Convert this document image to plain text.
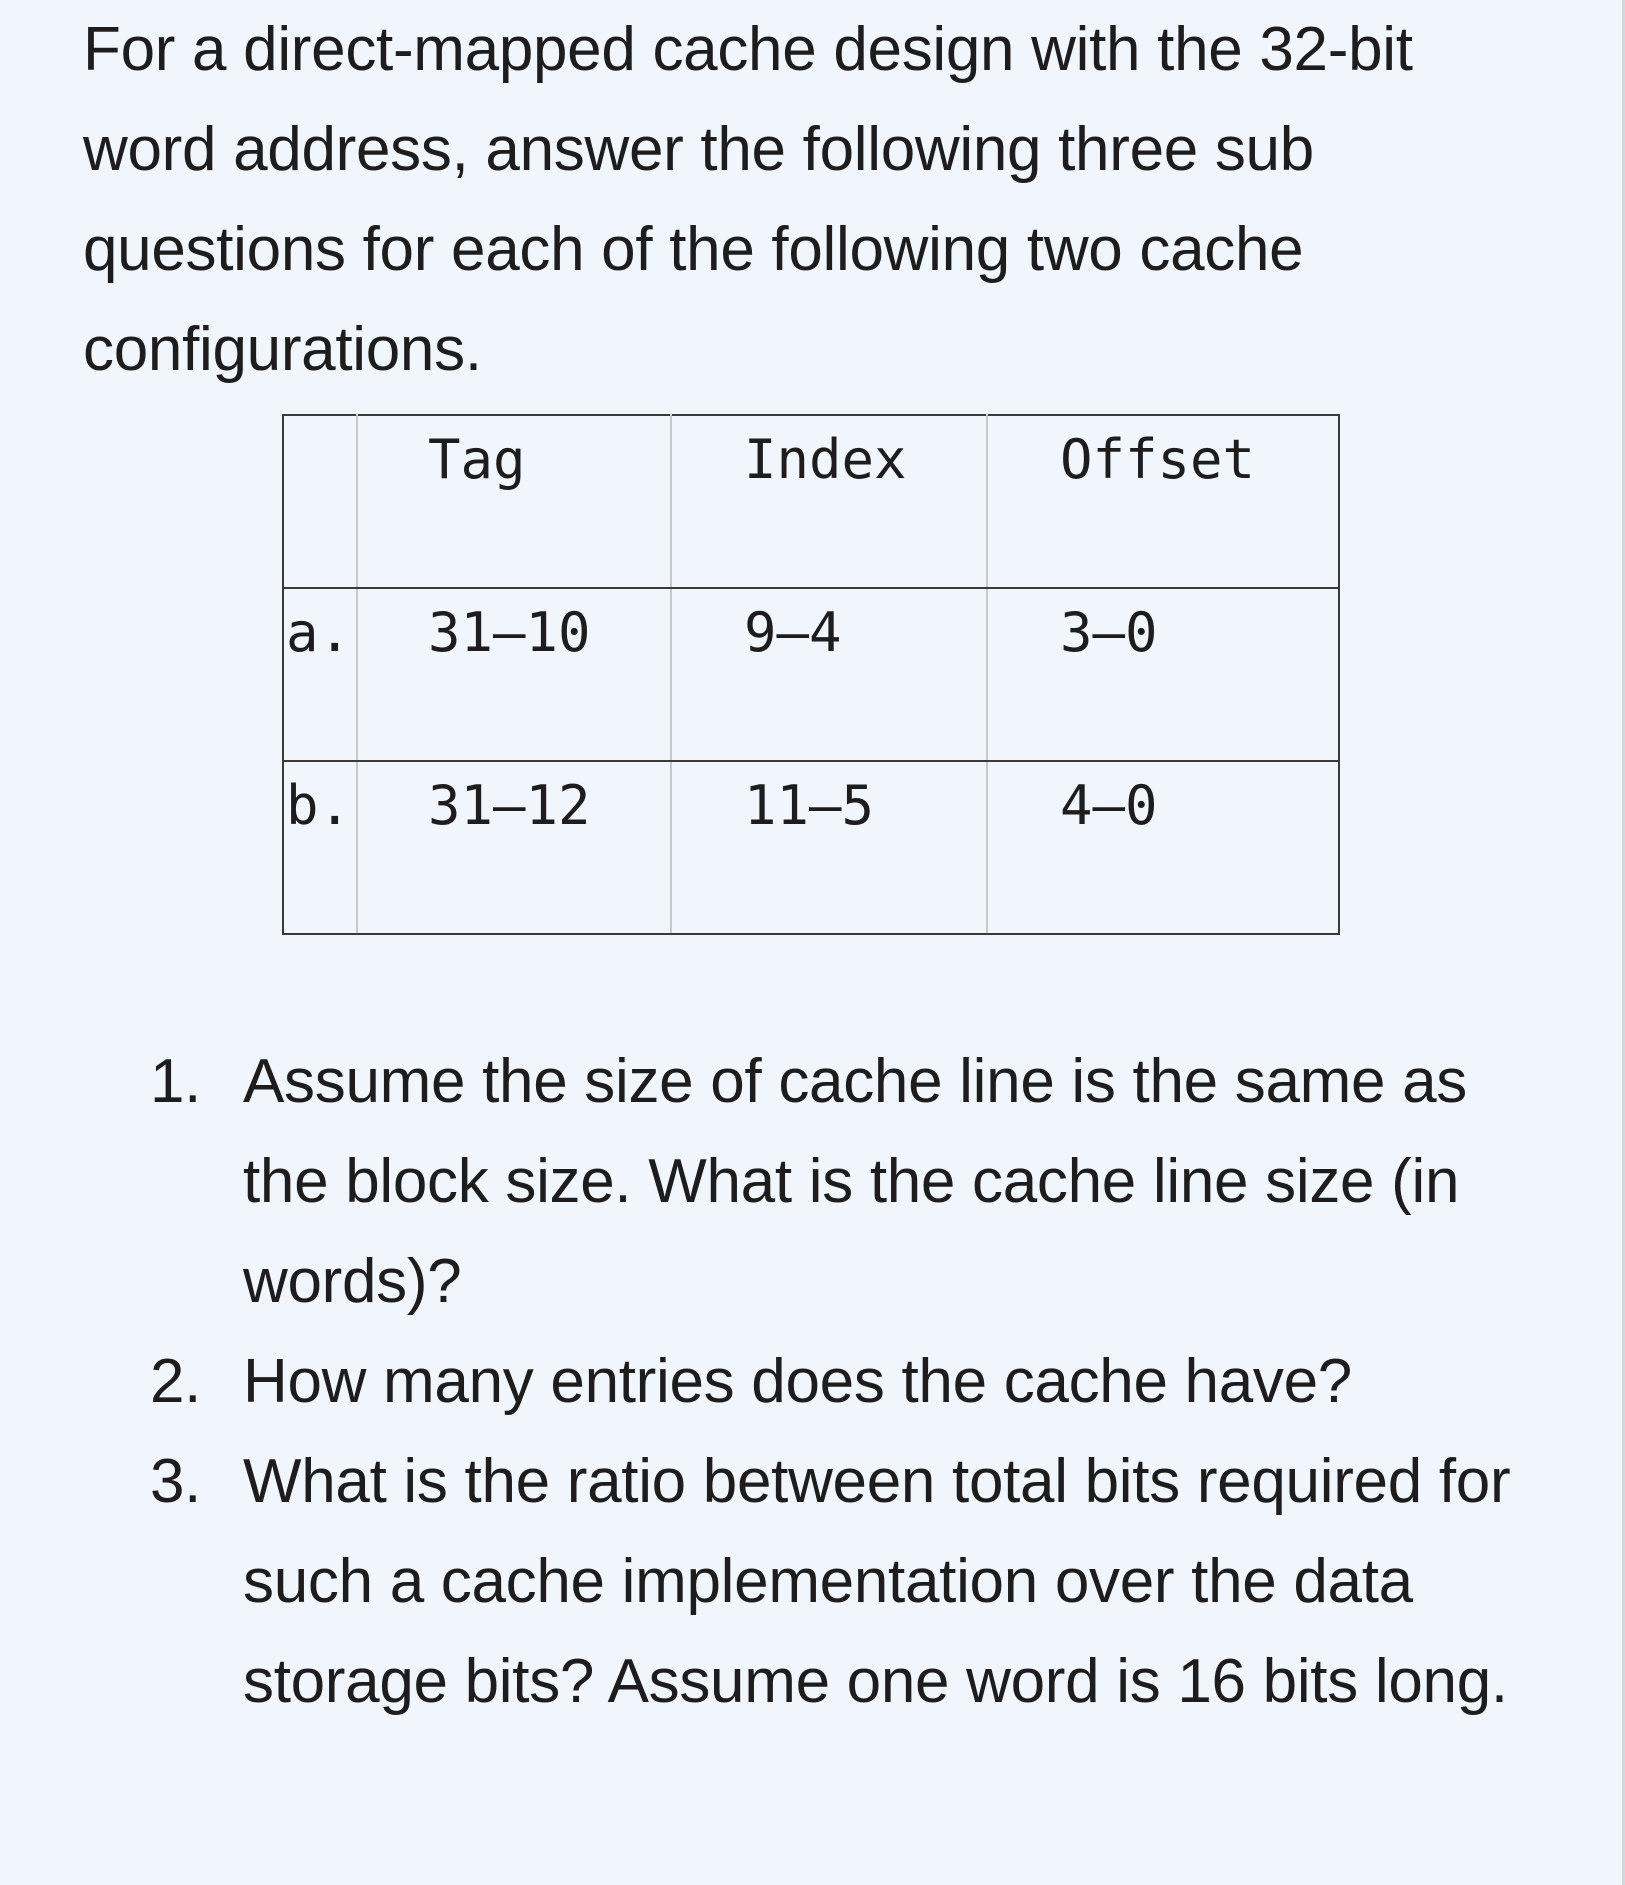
For a direct-mapped cache design with the 32-bit word address, answer the following three sub questions for each of the following two cache configurations.

	Tag	Index	Offset
a.	31–10	9–4	3–0
b.	31–12	11–5	4–0
1. Assume the size of cache line is the same as the block size. What is the cache line size (in words)?
2. How many entries does the cache have?
3. What is the ratio between total bits required for such a cache implementation over the data storage bits? Assume one word is 16 bits long.
